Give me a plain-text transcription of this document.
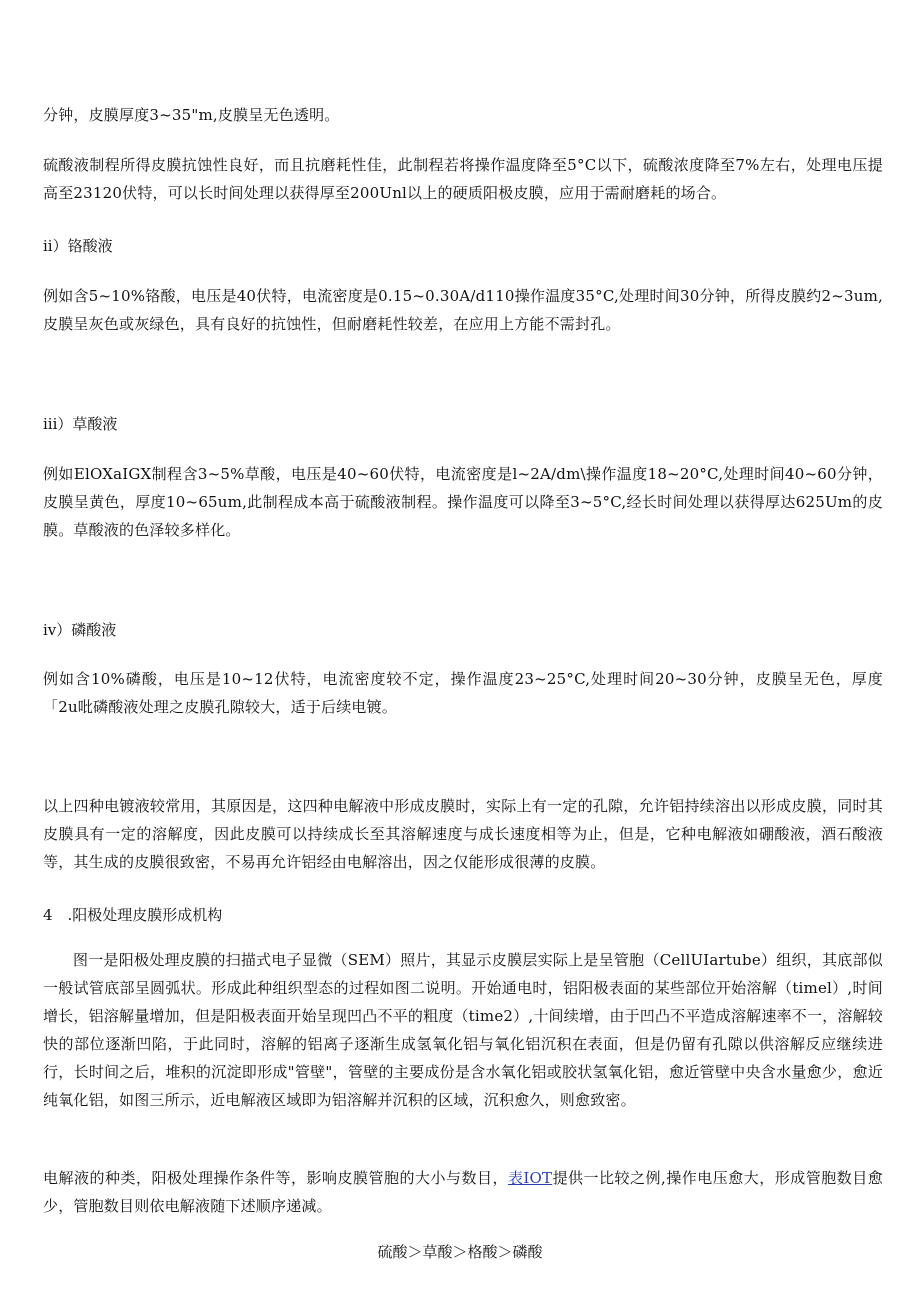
分钟，皮膜厚度3~35"m,皮膜呈无色透明。

硫酸液制程所得皮膜抗蚀性良好，而且抗磨耗性佳，此制程若将操作温度降至5°C以下，硫酸浓度降至7%左右，处理电压提高至23120伏特，可以长时间处理以获得厚至200Unl以上的硬质阳极皮膜，应用于需耐磨耗的场合。

ii）铬酸液

例如含5~10%铬酸，电压是40伏特，电流密度是0.15~0.30A/d110操作温度35°C,处理时间30分钟，所得皮膜约2~3um,皮膜呈灰色或灰绿色，具有良好的抗蚀性，但耐磨耗性较差，在应用上方能不需封孔。

iii）草酸液

例如ElOXaIGX制程含3~5%草酸，电压是40~60伏特，电流密度是l~2A/dm\操作温度18~20°C,处理时间40~60分钟，皮膜呈黄色，厚度10~65um,此制程成本高于硫酸液制程。操作温度可以降至3~5°C,经长时间处理以获得厚达625Um的皮膜。草酸液的色泽较多样化。

iv）磷酸液

例如含10%磷酸，电压是10~12伏特，电流密度较不定，操作温度23~25°C,处理时间20~30分钟，皮膜呈无色，厚度「2u吡磷酸液处理之皮膜孔隙较大，适于后续电镀。

以上四种电镀液较常用，其原因是，这四种电解液中形成皮膜时，实际上有一定的孔隙，允许铝持续溶出以形成皮膜，同时其皮膜具有一定的溶解度，因此皮膜可以持续成长至其溶解速度与成长速度相等为止，但是，它种电解液如硼酸液，酒石酸液等，其生成的皮膜很致密，不易再允许铝经由电解溶出，因之仅能形成很薄的皮膜。

4 .阳极处理皮膜形成机构

图一是阳极处理皮膜的扫描式电子显微（SEM）照片，其显示皮膜层实际上是呈管胞（CellUIartube）组织，其底部似一般试管底部呈圆弧状。形成此种组织型态的过程如图二说明。开始通电时，铝阳极表面的某些部位开始溶解（timel）,时间增长，铝溶解量增加，但是阳极表面开始呈现凹凸不平的粗度（time2）,十间续增，由于凹凸不平造成溶解速率不一，溶解较快的部位逐渐凹陷，于此同时，溶解的铝离子逐渐生成氢氧化铝与氧化铝沉积在表面，但是仍留有孔隙以供溶解反应继续进行，长时间之后，堆积的沉淀即形成"管壁"，管壁的主要成份是含水氧化铝或胶状氢氧化铝，愈近管壁中央含水量愈少，愈近纯氧化铝，如图三所示，近电解液区域即为铝溶解并沉积的区域，沉积愈久，则愈致密。

电解液的种类，阳极处理操作条件等，影响皮膜管胞的大小与数目，表IOT提供一比较之例,操作电压愈大，形成管胞数目愈少，管胞数目则依电解液随下述顺序递减。

硫酸＞草酸＞格酸＞磷酸
